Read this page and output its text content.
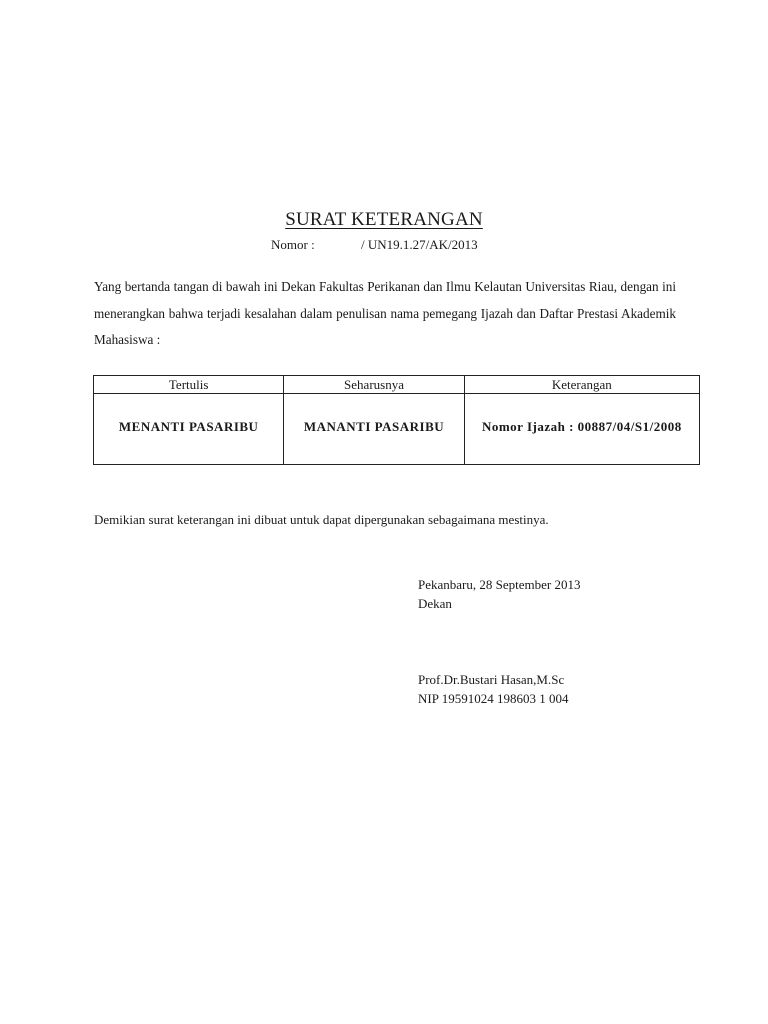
SURAT KETERANGAN
Nomor :	/ UN19.1.27/AK/2013
Yang bertanda tangan di bawah ini Dekan Fakultas Perikanan dan Ilmu Kelautan Universitas Riau, dengan ini menerangkan bahwa terjadi kesalahan dalam penulisan nama pemegang Ijazah dan Daftar Prestasi Akademik Mahasiswa :
Tertulis	Seharusnya	Keterangan
MENANTI PASARIBU	MANANTI PASARIBU	Nomor Ijazah : 00887/04/S1/2008
Demikian surat keterangan ini dibuat untuk dapat dipergunakan sebagaimana mestinya.
Pekanbaru, 28 September 2013
Dekan
Prof.Dr.Bustari Hasan,M.Sc
NIP 19591024 198603 1 004
